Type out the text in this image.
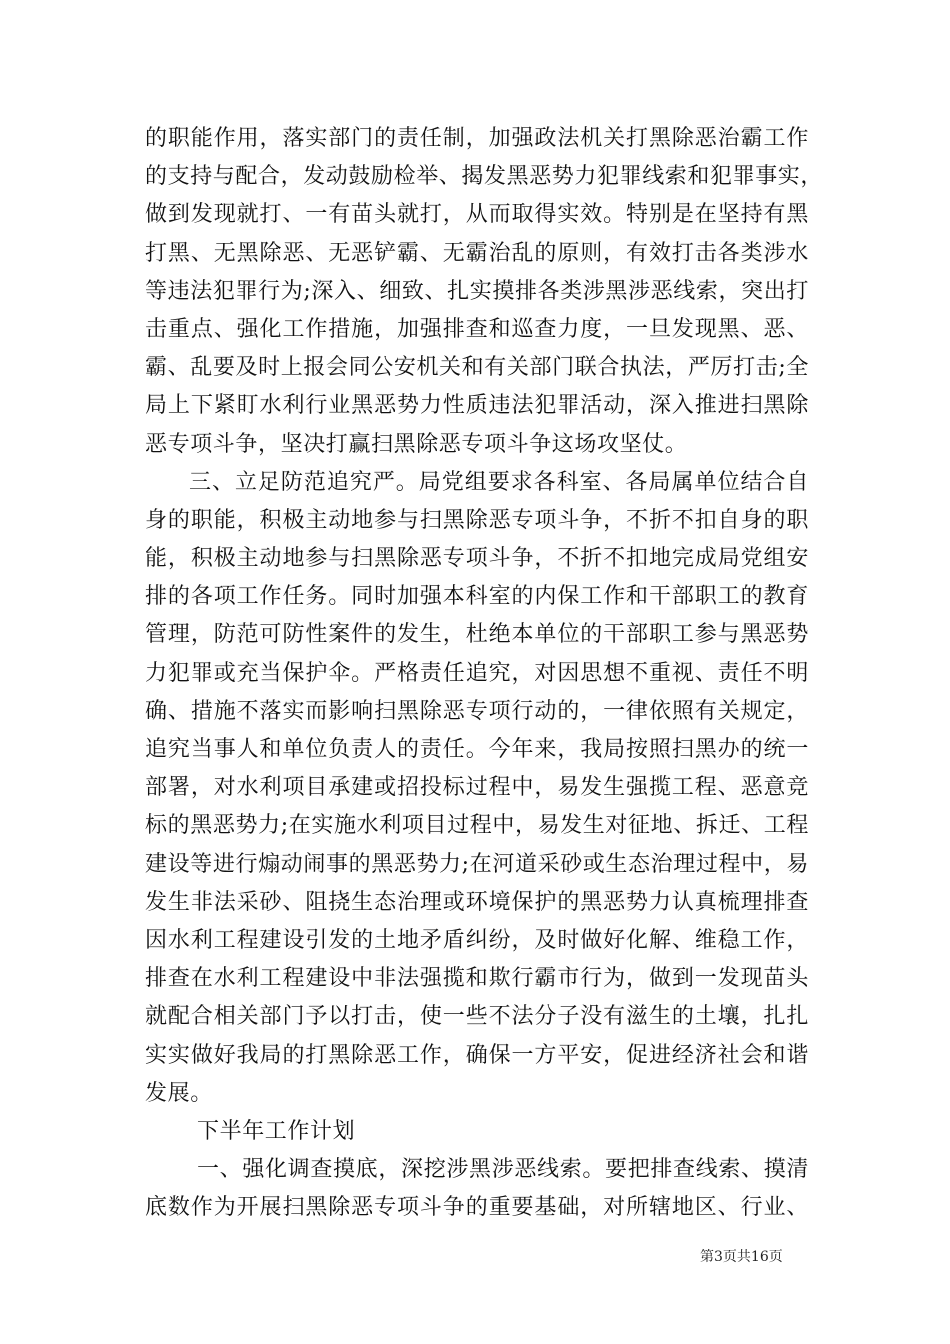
的职能作用，落实部门的责任制，加强政法机关打黑除恶治霸工作
的支持与配合，发动鼓励检举、揭发黑恶势力犯罪线索和犯罪事实，
做到发现就打、一有苗头就打，从而取得实效。特别是在坚持有黑
打黑、无黑除恶、无恶铲霸、无霸治乱的原则，有效打击各类涉水
等违法犯罪行为;深入、细致、扎实摸排各类涉黑涉恶线索，突出打
击重点、强化工作措施，加强排查和巡查力度，一旦发现黑、恶、
霸、乱要及时上报会同公安机关和有关部门联合执法，严厉打击;全
局上下紧盯水利行业黑恶势力性质违法犯罪活动，深入推进扫黑除
恶专项斗争，坚决打赢扫黑除恶专项斗争这场攻坚仗。
三、立足防范追究严。局党组要求各科室、各局属单位结合自
身的职能，积极主动地参与扫黑除恶专项斗争，不折不扣自身的职
能，积极主动地参与扫黑除恶专项斗争，不折不扣地完成局党组安
排的各项工作任务。同时加强本科室的内保工作和干部职工的教育
管理，防范可防性案件的发生，杜绝本单位的干部职工参与黑恶势
力犯罪或充当保护伞。严格责任追究，对因思想不重视、责任不明
确、措施不落实而影响扫黑除恶专项行动的，一律依照有关规定，
追究当事人和单位负责人的责任。今年来，我局按照扫黑办的统一
部署，对水利项目承建或招投标过程中，易发生强揽工程、恶意竞
标的黑恶势力;在实施水利项目过程中，易发生对征地、拆迁、工程
建设等进行煽动闹事的黑恶势力;在河道采砂或生态治理过程中，易
发生非法采砂、阻挠生态治理或环境保护的黑恶势力认真梳理排查
因水利工程建设引发的土地矛盾纠纷，及时做好化解、维稳工作，
排查在水利工程建设中非法强揽和欺行霸市行为，做到一发现苗头
就配合相关部门予以打击，使一些不法分子没有滋生的土壤，扎扎
实实做好我局的打黑除恶工作，确保一方平安，促进经济社会和谐
发展。
下半年工作计划
一、强化调查摸底，深挖涉黑涉恶线索。要把排查线索、摸清
底数作为开展扫黑除恶专项斗争的重要基础，对所辖地区、行业、
第3页共16页
